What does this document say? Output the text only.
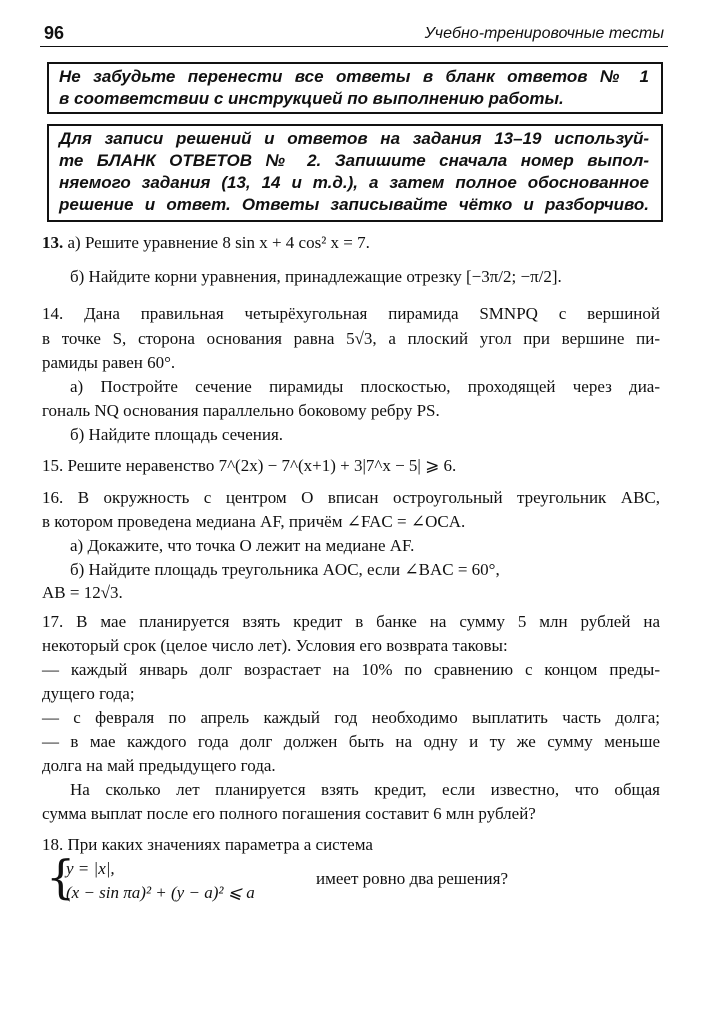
96	Учебно-тренировочные тесты
Не забудьте перенести все ответы в бланк ответов № 1
в соответствии с инструкцией по выполнению работы.
Для записи решений и ответов на задания 13–19 используй-
те БЛАНК ОТВЕТОВ № 2. Запишите сначала номер выпол-
няемого задания (13, 14 и т.д.), а затем полное обоснованное
решение и ответ. Ответы записывайте чётко и разборчиво.
13. а) Решите уравнение 8 sin x + 4 cos² x = 7.
б) Найдите корни уравнения, принадлежащие отрезку [−3π/2; −π/2].
14. Дана правильная четырёхугольная пирамида SMNPQ с вершиной
в точке S, сторона основания равна 5√3, а плоский угол при вершине пи-
рамиды равен 60°.
а) Постройте сечение пирамиды плоскостью, проходящей через диа-
гональ NQ основания параллельно боковому ребру PS.
б) Найдите площадь сечения.
15. Решите неравенство 7^(2x) − 7^(x+1) + 3|7^x − 5| ⩾ 6.
16. В окружность с центром O вписан остроугольный треугольник ABC,
в котором проведена медиана AF, причём ∠FAC = ∠OCA.
а) Докажите, что точка O лежит на медиане AF.
б) Найдите площадь треугольника AOC, если ∠BAC = 60°,
AB = 12√3.
17. В мае планируется взять кредит в банке на сумму 5 млн рублей на
некоторый срок (целое число лет). Условия его возврата таковы:
— каждый январь долг возрастает на 10% по сравнению с концом преды-
дущего года;
— с февраля по апрель каждый год необходимо выплатить часть долга;
— в мае каждого года долг должен быть на одну и ту же сумму меньше
долга на май предыдущего года.
На сколько лет планируется взять кредит, если известно, что общая
сумма выплат после его полного погашения составит 6 млн рублей?
18. При каких значениях параметра a система
{
y = |x|,
(x − sin πa)² + (y − a)² ⩽ a
имеет ровно два решения?
